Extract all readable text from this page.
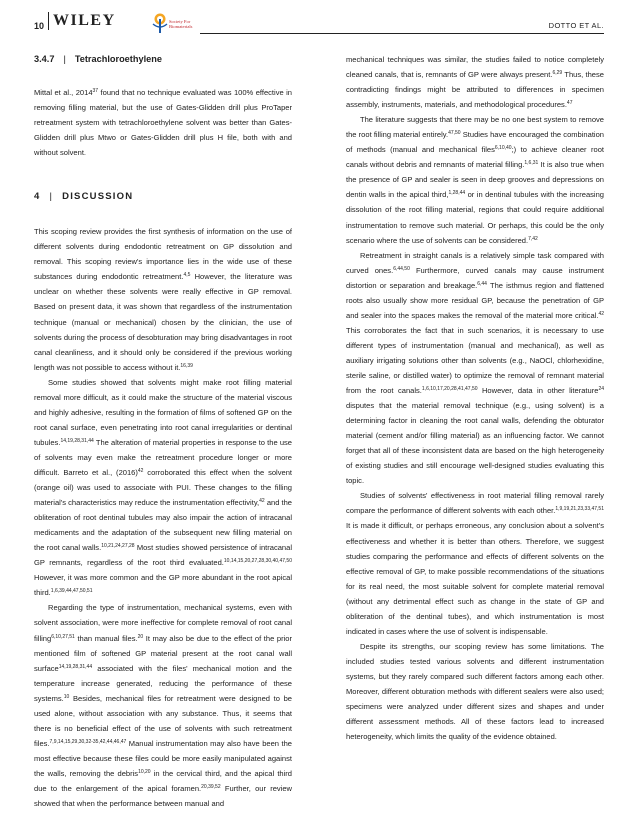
10 WILEY	Society For
Biomaterials	DOTTO ET AL.
3.4.7 | Tetrachloroethylene

Mittal et al., 2014$^{37}$ found that no technique evaluated was 100% effective in removing filling material, but the use of Gates-Glidden drill plus ProTaper retreatment system with tetrachloroethylene solvent was better than Gates-Glidden drill plus Mtwo or Gates-Glidden drill plus H file, both with and without solvent.

4 | DISCUSSION

This scoping review provides the first synthesis of information on the use of different solvents during endodontic retreatment on GP dissolution and removal. This scoping review's importance lies in the wide use of these substances during endodontic retreatment.$^{4,5}$ However, the literature was unclear on whether these solvents were really effective in GP removal. Based on present data, it was shown that regardless of the instrumentation technique (manual or mechanical) chosen by the clinician, the use of solvents during the process of desobturation may bring disadvantages in root canal cleanliness, and it should only be considered if the previous working length was not possible to access without it.$^{16,39}$

Some studies showed that solvents might make root filling material removal more difficult, as it could make the structure of the material viscous and highly adhesive, resulting in the formation of films of softened GP on the root canal surface, even penetrating into root canal irregularities or dentinal tubules.$^{14,19,28,31,44}$ The alteration of material properties in response to the use of solvents may even make the retreatment procedure longer or more difficult. Barreto et al., $(2016)^{42}$ corroborated this effect when the solvent (orange oil) was used to associate with PUI. These changes to the filling material's characteristics may reduce the instrumentation effectivity,$^{42}$ and the obliteration of root dentinal tubules may also impair the action of intracanal medicaments and the adaptation of the subsequent new filling material on the root canal walls.$^{10,21,24,27,28}$ Most studies showed persistence of intracanal GP remnants, regardless of the root third evaluated.$^{10,14,15,20,27,28,30,40,47,50}$ However, it was more common and the GP more abundant in the root apical third.$^{1,6,39,44,47,50,51}$

Regarding the type of instrumentation, mechanical systems, even with solvent association, were more ineffective for complete removal of root canal filling$^{6,10,27,51}$ than manual files.$^{20}$ It may also be due to the effect of the prior mentioned film of softened GP material present at the root canal wall surface$^{14,19,28,31,44}$ associated with the files' mechanical motion and the temperature increase generated, reducing the performance of these systems.$^{10}$ Besides, mechanical files for retreatment were designed to be used alone, without association with any substance. Thus, it seems that there is no beneficial effect of the use of solvents with such retreatment files.$^{7,9,14,15,29,30,32-35,42,44,46,47}$ Manual instrumentation may also have been the most effective because these files could be more easily manipulated against the walls, removing the debris$^{10,20}$ in the cervical third, and the apical third due to the enlargement of the apical foramen.$^{20,39,52}$ Further, our review showed that when the performance between manual and

mechanical techniques was similar, the studies failed to notice completely cleaned canals, that is, remnants of GP were always present.$^{6,29}$ Thus, these contradicting findings might be attributed to differences in specimen assembly, instruments, materials, and methodological procedures.$^{47}$

The literature suggests that there may be no one best system to remove the root filling material entirely.$^{47,50}$ Studies have encouraged the combination of methods (manual and mechanical files$^{6,10,40}$;) to achieve cleaner root canals without debris and remnants of material filling.$^{1,6,31}$ It is also true when the presence of GP and sealer is seen in deep grooves and depressions on dentin walls in the apical third,$^{1,28,44}$ or in dentinal tubules with the increasing dissolution of the root filling material, regions that could require additional instrumentation to remove such material. Or perhaps, this could be the only scenario where the use of solvents can be considered.$^{7,42}$

Retreatment in straight canals is a relatively simple task compared with curved ones.$^{6,44,50}$ Furthermore, curved canals may cause instrument distortion or separation and breakage.$^{6,44}$ The isthmus region and flattened roots also usually show more residual GP, because the penetration of GP and sealer into the spaces makes the removal of the material more critical.$^{42}$ This corroborates the fact that in such scenarios, it is necessary to use different types of instrumentation (manual and mechanical), as well as auxiliary irrigating solutions other than solvents (e.g., NaOCl, chlorhexidine, sterile saline, or distilled water) to optimize the removal of remnant material from the root canals.$^{1,6,10,17,20,28,41,47,50}$ However, data in other literature$^{24}$ disputes that the material removal technique (e.g., using solvent) is a determining factor in cleaning the root canal walls, defending the obturator material (cement and/or filling material) as an influencing factor. We cannot forget that all of these inconsistent data are based on the high heterogeneity of existing studies and still encourage well-designed studies evaluating this topic.

Studies of solvents' effectiveness in root material filling removal rarely compare the performance of different solvents with each other.$^{1,9,19,21,23,33,47,51}$ It is made it difficult, or perhaps erroneous, any conclusion about a solvent's effectiveness and whether it is better than others. Therefore, we suggest studies comparing the performance and effects of different solvents on the effective removal of GP, to make possible recommendations of the situations for its real need, the most suitable solvent for complete material removal (without any detrimental effect such as change in the state of GP and obliteration of the dentinal tubes), and which instrumentation is most indicated in cases where the use of solvent is indispensable.

Despite its strengths, our scoping review has some limitations. The included studies tested various solvents and different instrumentation systems, but they rarely compared such different factors among each other. Moreover, different obturation methods with different sealers were also used; specimens were analyzed under different sizes and shapes and under different assessment methods. All of these factors lead to increased heterogeneity, which limits the quality of the evidence obtained.
